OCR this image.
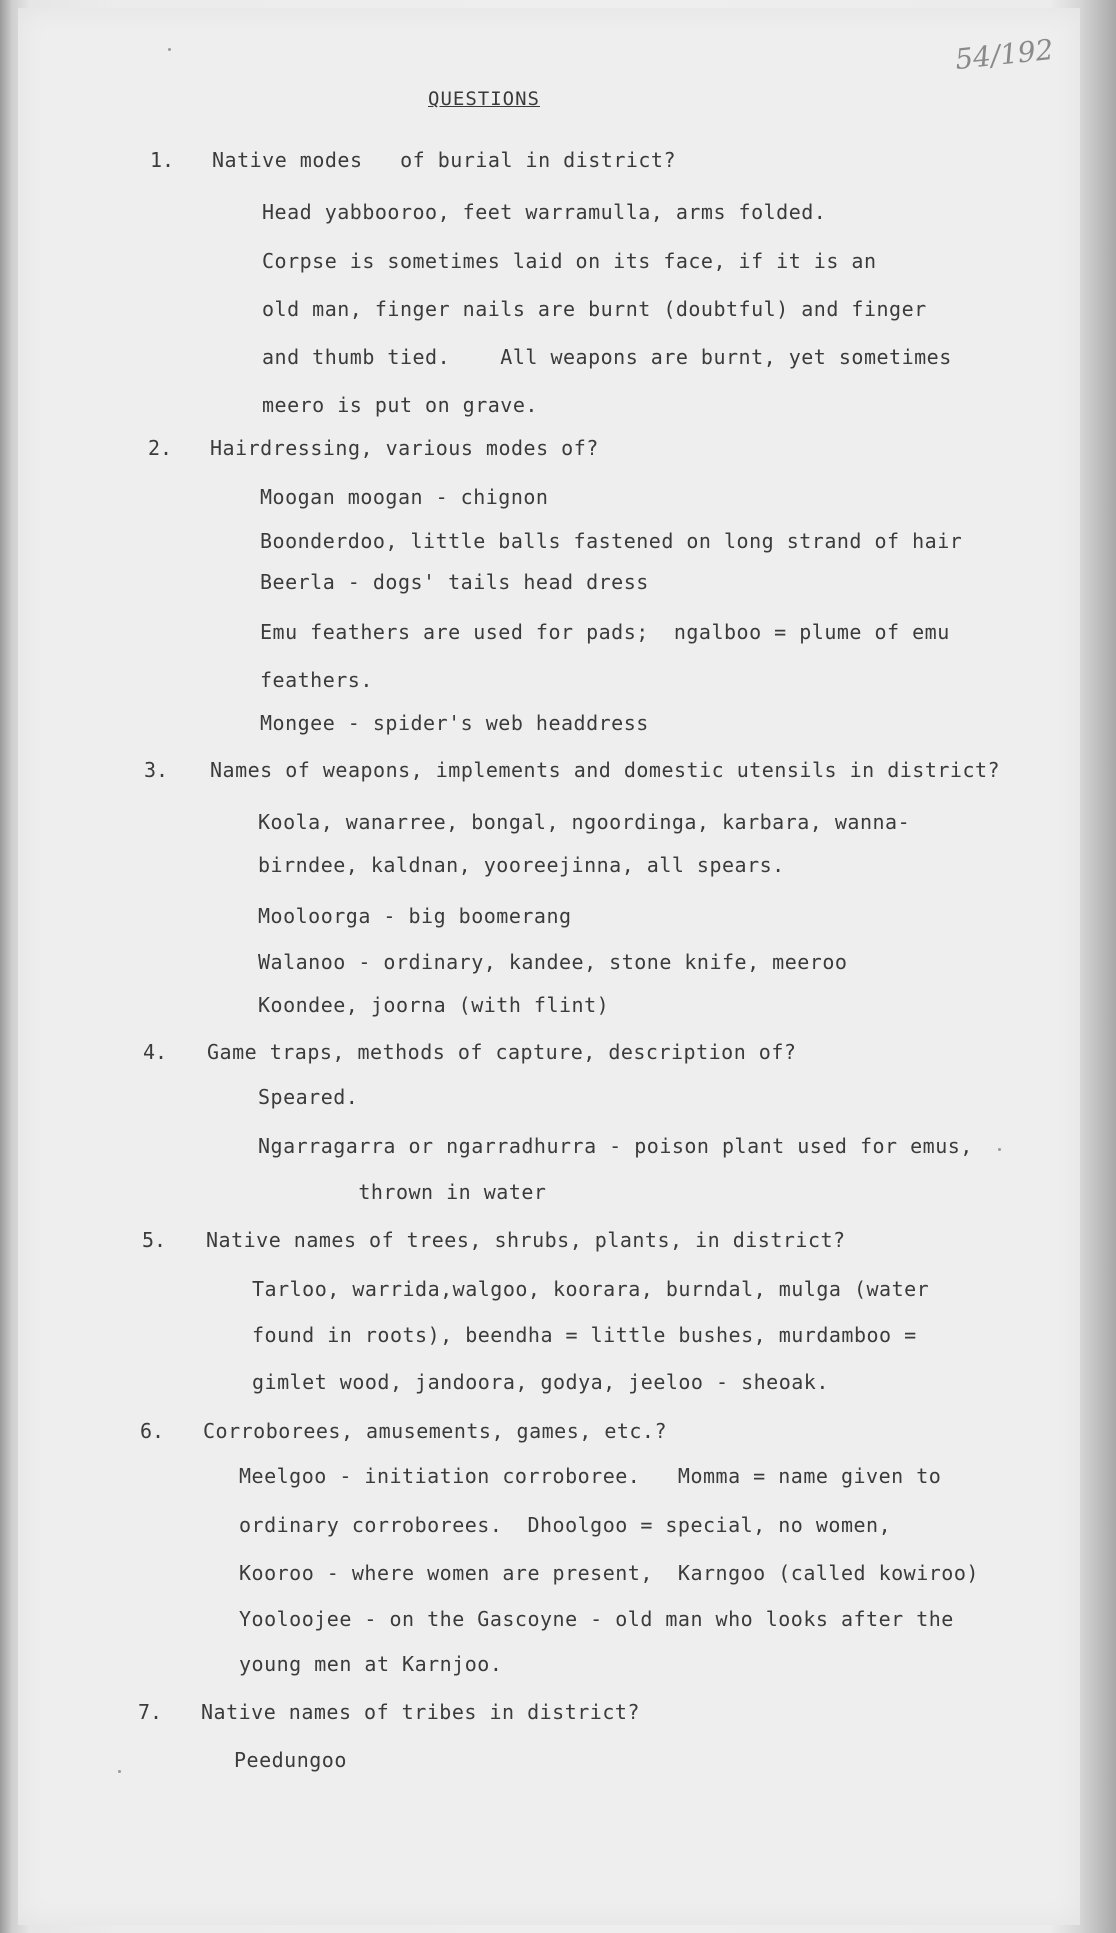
54/192
QUESTIONS
1. Native modes   of burial in district?
Head yabbooroo, feet warramulla, arms folded.
Corpse is sometimes laid on its face, if it is an
old man, finger nails are burnt (doubtful) and finger
and thumb tied.    All weapons are burnt, yet sometimes
meero is put on grave.
2. Hairdressing, various modes of?
Moogan moogan - chignon
Boonderdoo, little balls fastened on long strand of hair
Beerla - dogs' tails head dress
Emu feathers are used for pads;  ngalboo = plume of emu
feathers.
Mongee - spider's web headdress
3. Names of weapons, implements and domestic utensils in district?
Koola, wanarree, bongal, ngoordinga, karbara, wanna-
birndee, kaldnan, yooreejinna, all spears.
Mooloorga - big boomerang
Walanoo - ordinary, kandee, stone knife, meeroo
Koondee, joorna (with flint)
4. Game traps, methods of capture, description of?
Speared.
Ngarragarra or ngarradhurra - poison plant used for emus,
thrown in water
5. Native names of trees, shrubs, plants, in district?
Tarloo, warrida,walgoo, koorara, burndal, mulga (water
found in roots), beendha = little bushes, murdamboo =
gimlet wood, jandoora, godya, jeeloo - sheoak.
6. Corroborees, amusements, games, etc.?
Meelgoo - initiation corroboree.   Momma = name given to
ordinary corroborees.  Dhoolgoo = special, no women,
Kooroo - where women are present,  Karngoo (called kowiroo)
Yooloojee - on the Gascoyne - old man who looks after the
young men at Karnjoo.
7. Native names of tribes in district?
Peedungoo
